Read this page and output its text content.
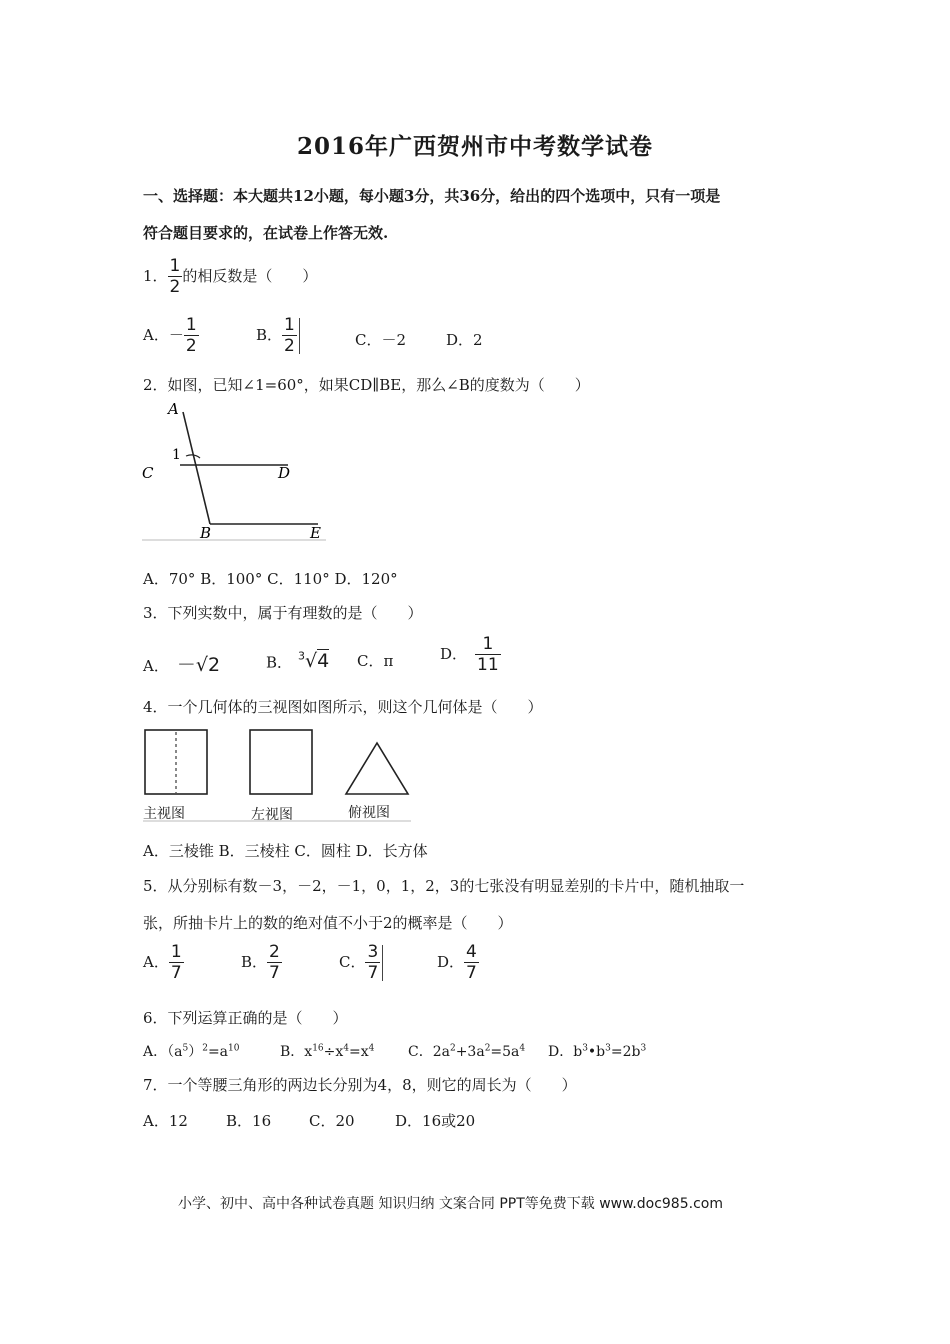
2016年广西贺州市中考数学试卷
一、选择题：本大题共12小题，每小题3分，共36分，给出的四个选项中，只有一项是
符合题目要求的，在试卷上作答无效.
1． $\frac{1}{2}$ 的相反数是（　　）
A．－ $\frac{1}{2}$	B． $\frac{1}{2}$	C．－2	D．2
2．如图，已知∠1=60°，如果CD∥BE，那么∠B的度数为（　　）
A
1
C	D
B	E
A．70° B．100° C．110° D．120°
3．下列实数中，属于有理数的是（　　）
A． －√2	B． $^3$√4 C．π	D． $\frac{1}{11}$
4．一个几何体的三视图如图所示，则这个几何体是（　　）
主视图	左视图	俯视图
A．三棱锥 B．三棱柱 C．圆柱 D．长方体
5．从分别标有数－3，－2，－1，0，1，2，3的七张没有明显差别的卡片中，随机抽取一
张，所抽卡片上的数的绝对值不小于2的概率是（　　）
A． $\frac{1}{7}$	B． $\frac{2}{7}$	C． $\frac{3}{7}$	D． $\frac{4}{7}$
6．下列运算正确的是（　　）
A．$(a^5)^2=a^{10}$	B．$x^{16}\div x^4=x^4$ C．$2a^2+3a^2=5a^4$ D．$b^3•b^3=2b^3$
7．一个等腰三角形的两边长分别为4，8，则它的周长为（　　）
A．12	B．16	C．20	D．16或20
小学、初中、高中各种试卷真题 知识归纳 文案合同 PPT等免费下载 www.doc985.com
